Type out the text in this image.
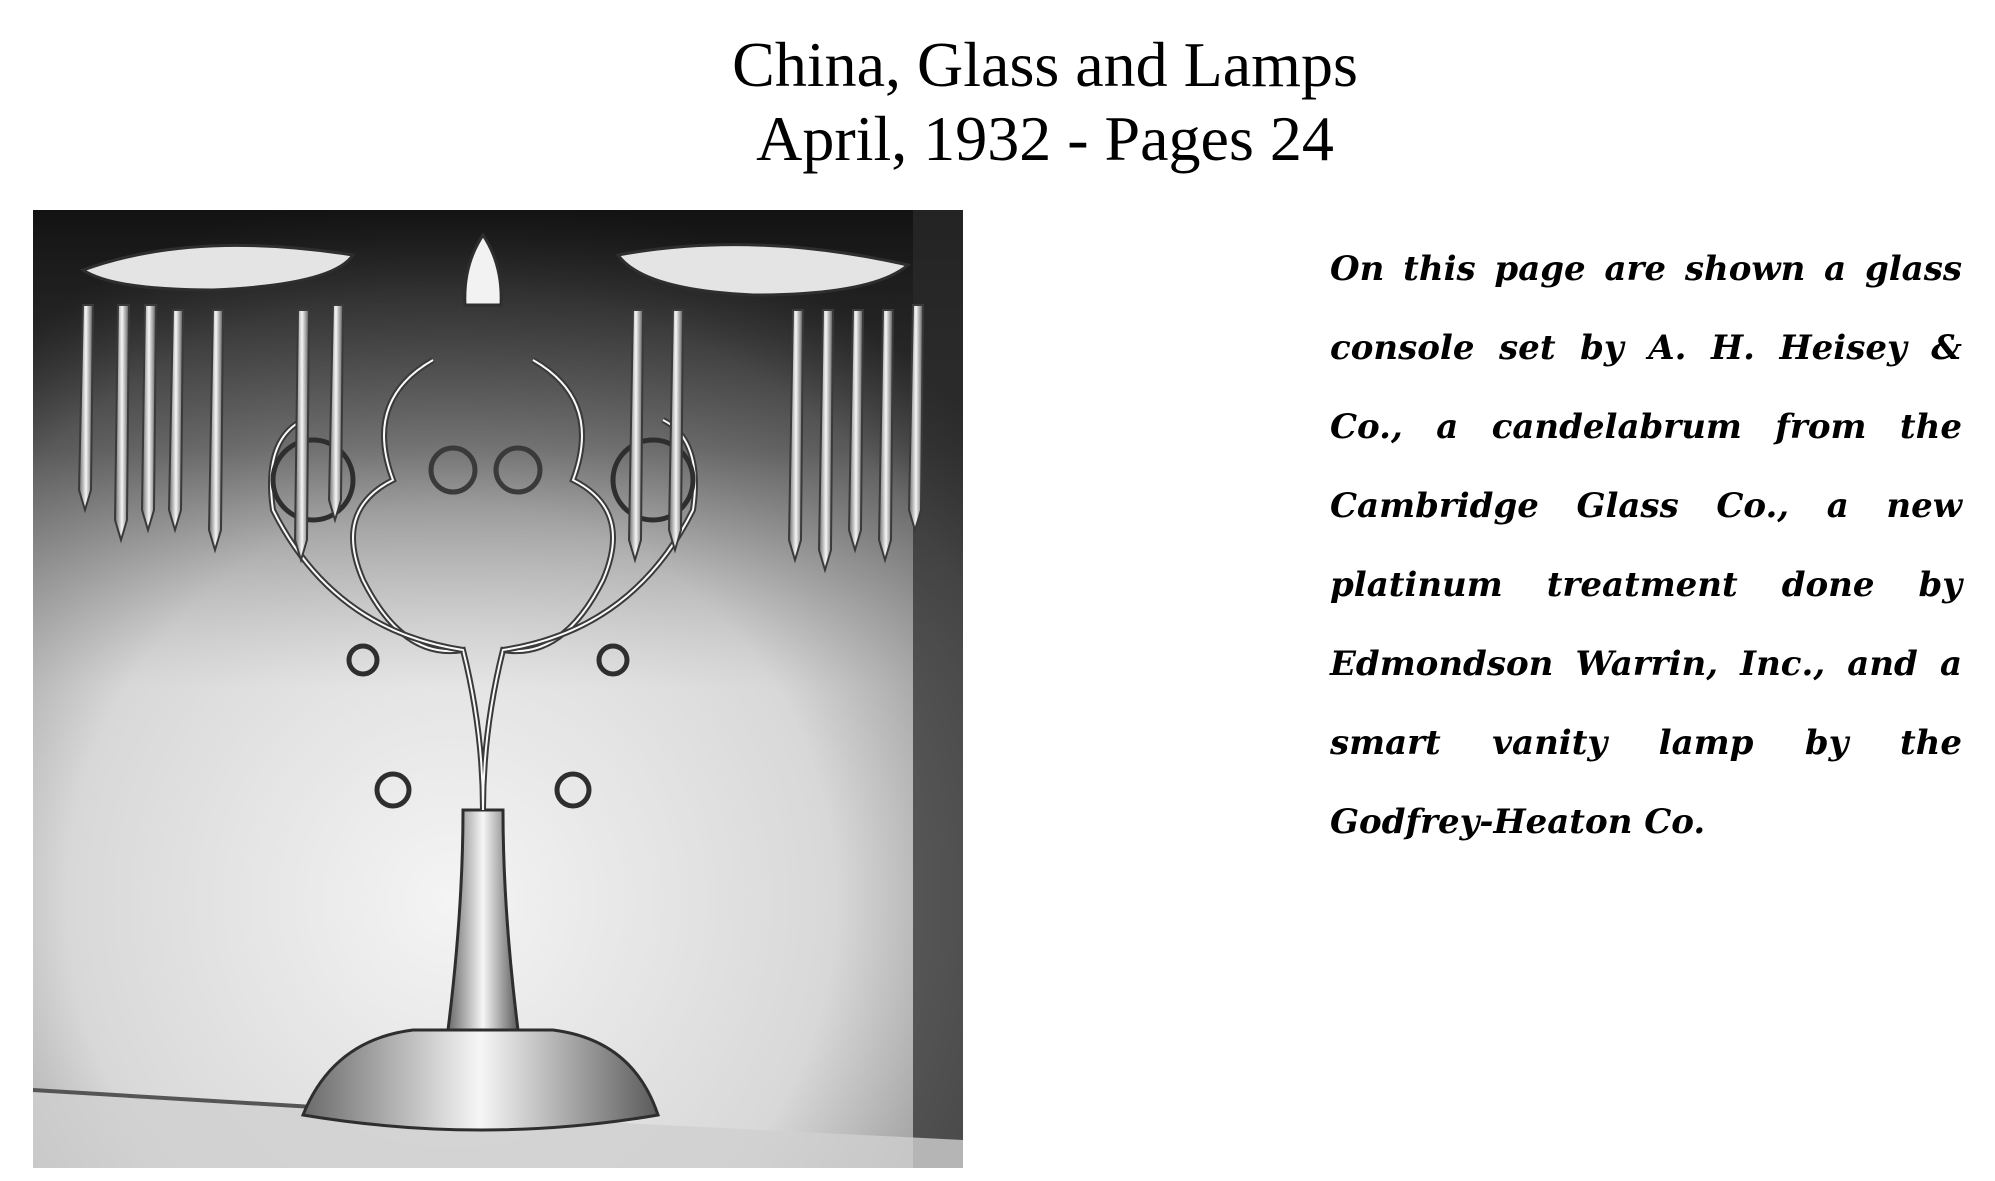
China, Glass and Lamps
April, 1932 - Pages 24
On this page are shown a glass console set by A. H. Heisey & Co., a candelabrum from the Cambridge Glass Co., a new platinum treatment done by Edmondson Warrin, Inc., and a smart vanity lamp by the Godfrey-Heaton Co.
